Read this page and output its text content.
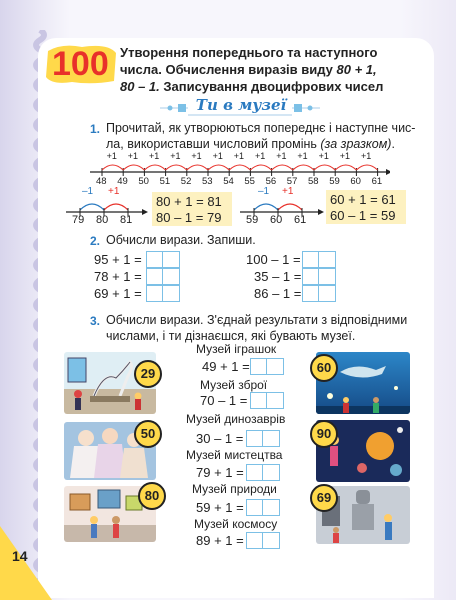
100 Утворення попереднього та наступного
числа. Обчислення виразів виду 80 + 1,
80 – 1. Записування двоцифрових чисел
Ти в музеї
1. Прочитай, як утворюються попереднє і наступне чис-
ла, використавши числовий промінь (за зразком).
+1 +1 +1 +1 +1 +1 +1 +1 +1 +1 +1 +1 +1
48 49 50 51 52 53 54 55 56 57 58 59 60 61
–1 +1
79 80 81
80 + 1 = 81
80 – 1 = 79
–1 +1
59 60 61
60 + 1 = 61
60 – 1 = 59
2. Обчисли вирази. Запиши.
95 + 1 =
78 + 1 =
69 + 1 =
100 – 1 =
35 – 1 =
86 – 1 =
3. Обчисли вирази. З'єднай результати з відповідними
числами, і ти дізнаєшся, які бувають музеї.
29
50
80
60
90
69
Музей іграшок
49 + 1 =
Музей зброї
70 – 1 =
Музей динозаврів
30 – 1 =
Музей мистецтва
79 + 1 =
Музей природи
59 + 1 =
Музей космосу
89 + 1 =
14
